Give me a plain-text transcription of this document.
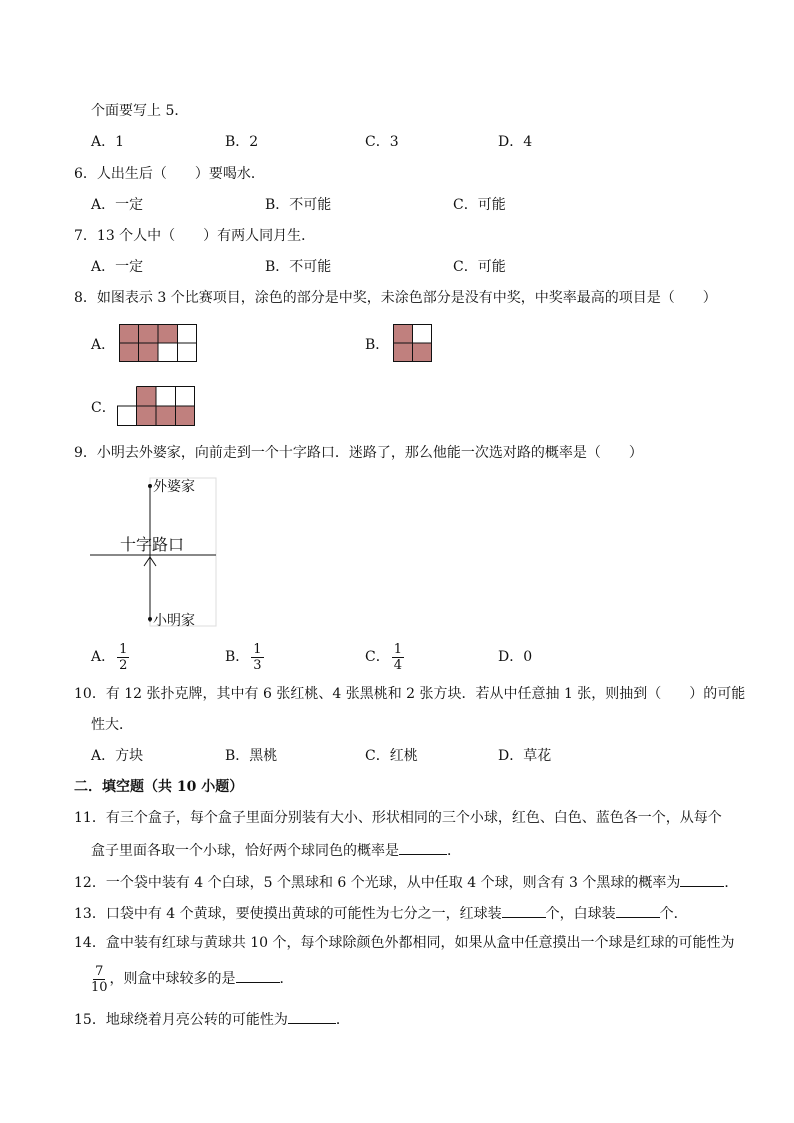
个面要写上 5．
A．1	B．2	C．3	D．4
6．人出生后（　　）要喝水．
A．一定	B．不可能	C．可能
7．13 个人中（　　）有两人同月生．
A．一定	B．不可能	C．可能
8．如图表示 3 个比赛项目，涂色的部分是中奖，未涂色部分是没有中奖，中奖率最高的项目是（　　）
A．	B．
C．
9．小明去外婆家，向前走到一个十字路口．迷路了，那么他能一次选对路的概率是（　　）
外婆家
十字路口
小明家
A． $\frac{1}{2}$	B． $\frac{1}{3}$	C． $\frac{1}{4}$	D．0
10．有 12 张扑克牌，其中有 6 张红桃、4 张黑桃和 2 张方块．若从中任意抽 1 张，则抽到（　　）的可能
性大．
A．方块	B．黑桃	C．红桃	D．草花
二．填空题（共 10 小题）
11．有三个盒子，每个盒子里面分别装有大小、形状相同的三个小球，红色、白色、蓝色各一个，从每个
盒子里面各取一个小球，恰好两个球同色的概率是	．
12．一个袋中装有 4 个白球，5 个黑球和 6 个光球，从中任取 4 个球，则含有 3 个黑球的概率为	．
13．口袋中有 4 个黄球，要使摸出黄球的可能性为七分之一，红球装	个，白球装	个．
14．盒中装有红球与黄球共 10 个，每个球除颜色外都相同，如果从盒中任意摸出一个球是红球的可能性为
$\frac{7}{10}$ ，则盒中球较多的是	．
15．地球绕着月亮公转的可能性为	．
